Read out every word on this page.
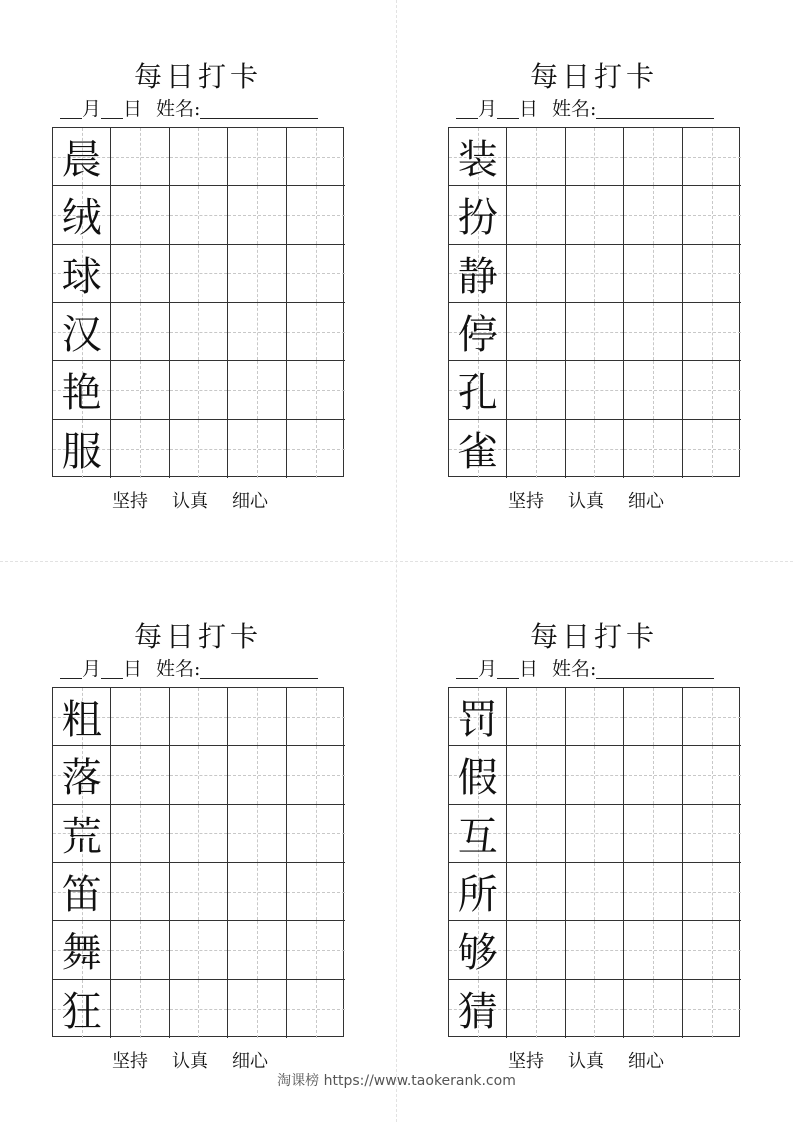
每日打卡
月 日 姓名:
晨
绒
球
汉
艳
服
坚持 认真 细心
每日打卡
月 日 姓名:
装
扮
静
停
孔
雀
坚持 认真 细心
每日打卡
月 日 姓名:
粗
落
荒
笛
舞
狂
坚持 认真 细心
每日打卡
月 日 姓名:
罚
假
互
所
够
猜
坚持 认真 细心
淘课榜 https://www.taokerank.com
